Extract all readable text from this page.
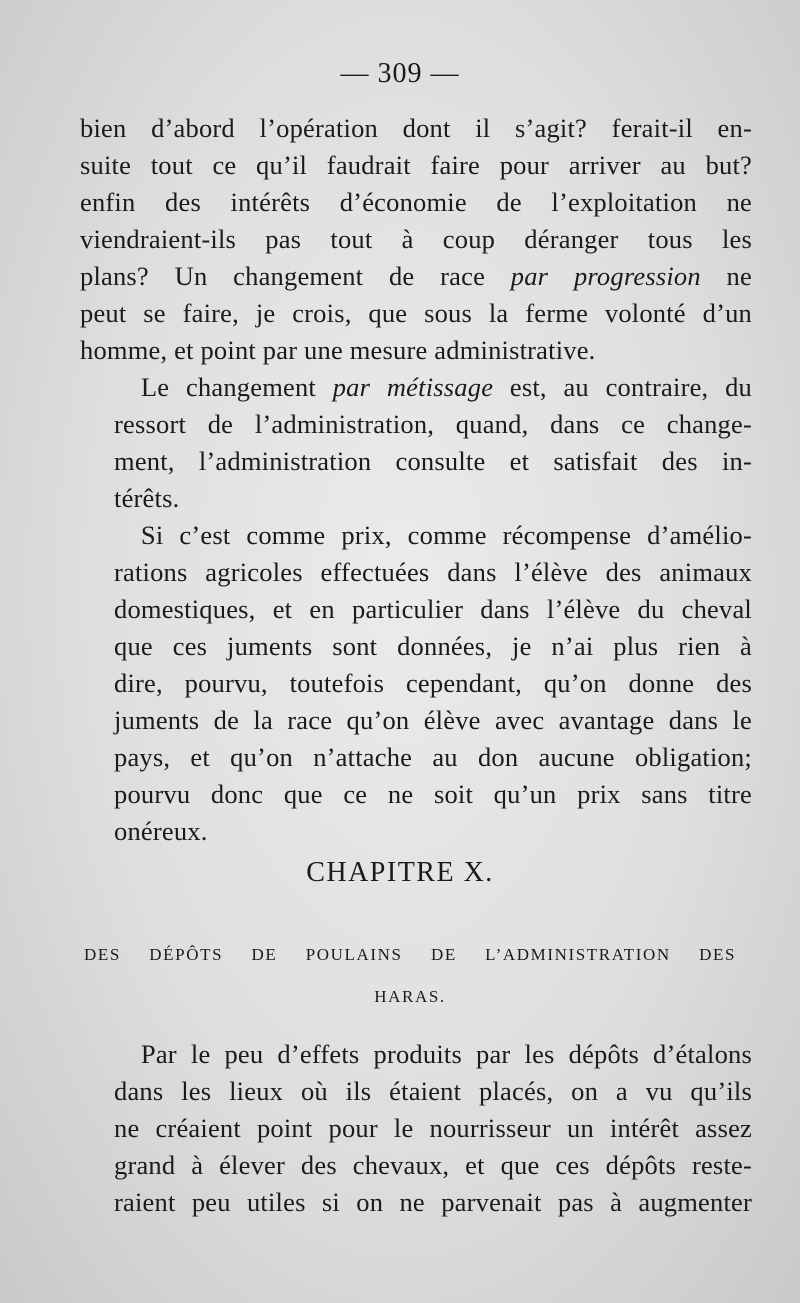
— 309 —

bien d’abord l’opération dont il s’agit? ferait-il en-
suite tout ce qu’il faudrait faire pour arriver au but?
enfin des intérêts d’économie de l’exploitation ne
viendraient-ils pas tout à coup déranger tous les
plans? Un changement de race par progression ne
peut se faire, je crois, que sous la ferme volonté d’un
homme, et point par une mesure administrative.

  Le changement par métissage est, au contraire, du
ressort de l’administration, quand, dans ce change-
ment, l’administration consulte et satisfait des in-
térêts.

  Si c’est comme prix, comme récompense d’amélio-
rations agricoles effectuées dans l’élève des animaux
domestiques, et en particulier dans l’élève du cheval
que ces juments sont données, je n’ai plus rien à
dire, pourvu, toutefois cependant, qu’on donne des
juments de la race qu’on élève avec avantage dans le
pays, et qu’on n’attache au don aucune obligation;
pourvu donc que ce ne soit qu’un prix sans titre
onéreux.

CHAPITRE X.
DES DÉPÔTS DE POULAINS DE L’ADMINISTRATION DES
HARAS.

  Par le peu d’effets produits par les dépôts d’étalons
dans les lieux où ils étaient placés, on a vu qu’ils
ne créaient point pour le nourrisseur un intérêt assez
grand à élever des chevaux, et que ces dépôts reste-
raient peu utiles si on ne parvenait pas à augmenter
